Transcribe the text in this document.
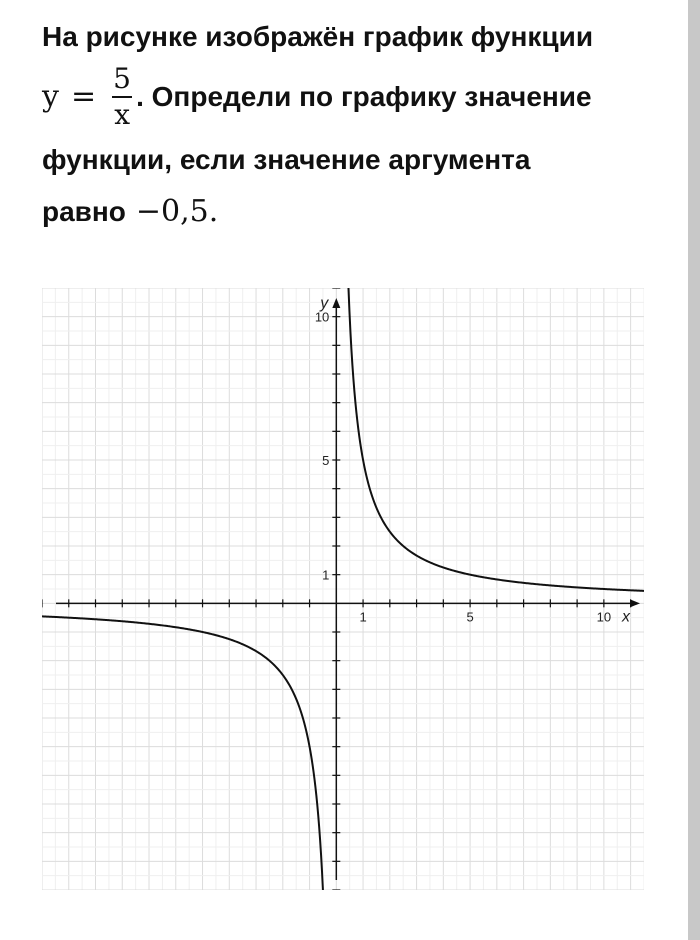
На рисунке изображён график функции
$y = \frac{5}{x}$ . Определи по графику значение
функции, если значение аргумента
равно −0,5 .
1	5	10
1
5
10
x
y
